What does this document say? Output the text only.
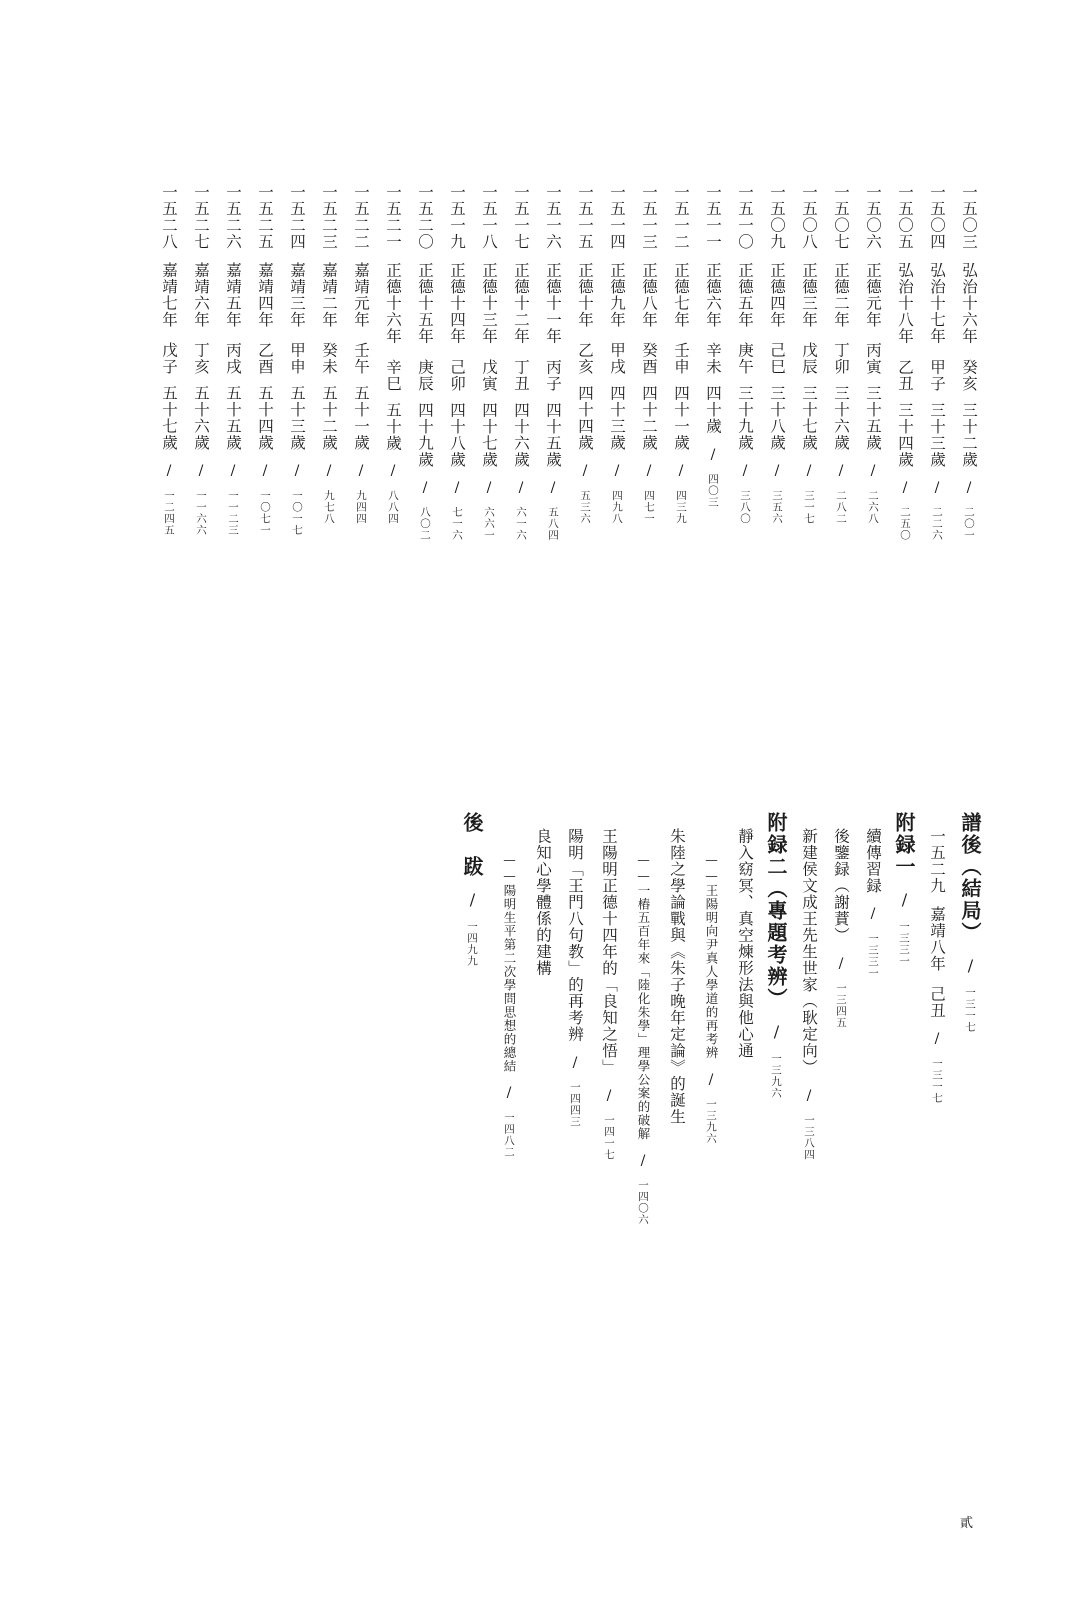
一五〇三弘治十六年癸亥三十二歲/二〇一
一五〇四弘治十七年甲子三十三歲/二二六
一五〇五弘治十八年乙丑三十四歲/二五〇
一五〇六正德元年丙寅三十五歲/二六八
一五〇七正德二年丁卯三十六歲/二八二
一五〇八正德三年戊辰三十七歲/三一七
一五〇九正德四年己巳三十八歲/三五六
一五一〇正德五年庚午三十九歲/三八〇
一五一一正德六年辛未四十歲/四〇三
一五一二正德七年壬申四十一歲/四三九
一五一三正德八年癸酉四十二歲/四七一
一五一四正德九年甲戌四十三歲/四九八
一五一五正德十年乙亥四十四歲/五三六
一五一六正德十一年丙子四十五歲/五八四
一五一七正德十二年丁丑四十六歲/六一六
一五一八正德十三年戊寅四十七歲/六六一
一五一九正德十四年己卯四十八歲/七一六
一五二〇正德十五年庚辰四十九歲/八〇二
一五二一正德十六年辛巳五十歲/八八四
一五二二嘉靖元年壬午五十一歲/九四四
一五二三嘉靖二年癸未五十二歲/九七八
一五二四嘉靖三年甲申五十三歲/一〇一七
一五二五嘉靖四年乙酉五十四歲/一〇七一
一五二六嘉靖五年丙戌五十五歲/一一二三
一五二七嘉靖六年丁亥五十六歲/一一六六
一五二八嘉靖七年戊子五十七歲/一二四五
譜後（結局）/一三一七
一五二九嘉靖八年己丑/一三一七
附録一/一三三一
續傳習録/一三三一
後鑒録（謝蕡）/一三四五
新建侯文成王先生世家（耿定向）/一三八四
附録二（專題考辨）/一三九六
靜入窈冥、真空煉形法與他心通
——王陽明向尹真人學道的再考辨/一三九六
朱陸之學論戰與《朱子晚年定論》的誕生
——一樁五百年來「陸化朱學」理學公案的破解/一四〇六
王陽明正德十四年的「良知之悟」/一四一七
陽明「王門八句教」的再考辨/一四四三
良知心學體係的建構
——陽明生平第二次學問思想的總結/一四八二
後　跋/一四九九
貳
